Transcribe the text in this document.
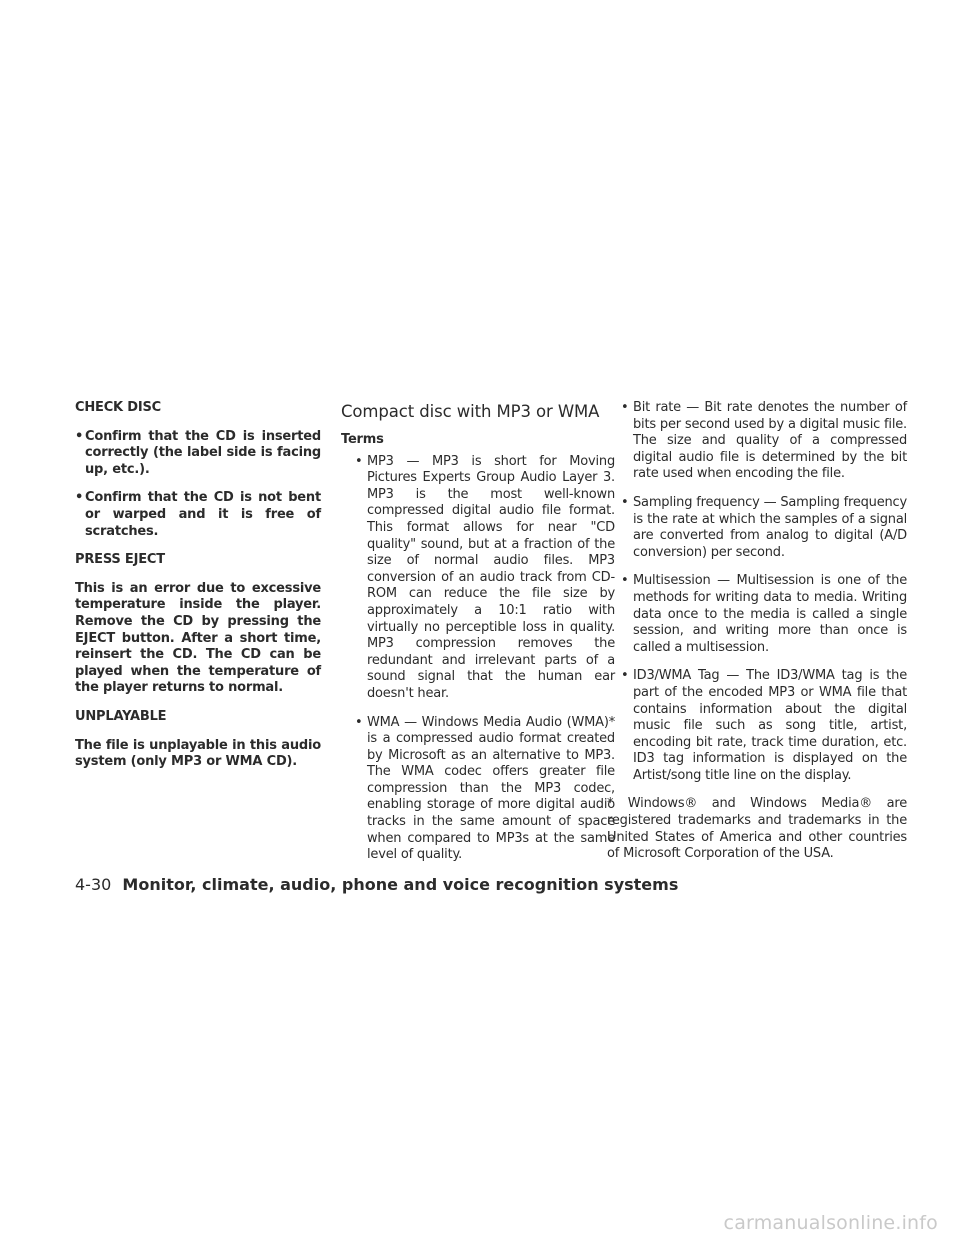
CHECK DISC
• Confirm that the CD is inserted correctly (the label side is facing up, etc.).
• Confirm that the CD is not bent or warped and it is free of scratches.
PRESS EJECT

This is an error due to excessive temperature inside the player. Remove the CD by pressing the EJECT button. After a short time, reinsert the CD. The CD can be played when the temperature of the player returns to normal.

UNPLAYABLE

The file is unplayable in this audio system (only MP3 or WMA CD).

Compact disc with MP3 or WMA
Terms
• MP3 — MP3 is short for Moving Pictures Experts Group Audio Layer 3. MP3 is the most well-known compressed digital audio file format. This format allows for near "CD quality" sound, but at a fraction of the size of normal audio files. MP3 conversion of an audio track from CD-ROM can reduce the file size by approximately a 10:1 ratio with virtually no perceptible loss in quality. MP3 compression removes the redundant and irrelevant parts of a sound signal that the human ear doesn't hear.
• WMA — Windows Media Audio (WMA)* is a compressed audio format created by Microsoft as an alternative to MP3. The WMA codec offers greater file compression than the MP3 codec, enabling storage of more digital audio tracks in the same amount of space when compared to MP3s at the same level of quality.
• Bit rate — Bit rate denotes the number of bits per second used by a digital music file. The size and quality of a compressed digital audio file is determined by the bit rate used when encoding the file.
• Sampling frequency — Sampling frequency is the rate at which the samples of a signal are converted from analog to digital (A/D conversion) per second.
• Multisession — Multisession is one of the methods for writing data to media. Writing data once to the media is called a single session, and writing more than once is called a multisession.
• ID3/WMA Tag — The ID3/WMA tag is the part of the encoded MP3 or WMA file that contains information about the digital music file such as song title, artist, encoding bit rate, track time duration, etc. ID3 tag information is displayed on the Artist/song title line on the display.

* Windows® and Windows Media® are registered trademarks and trademarks in the United States of America and other countries of Microsoft Corporation of the USA.

4-30 Monitor, climate, audio, phone and voice recognition systems
carmanualsonline.info
